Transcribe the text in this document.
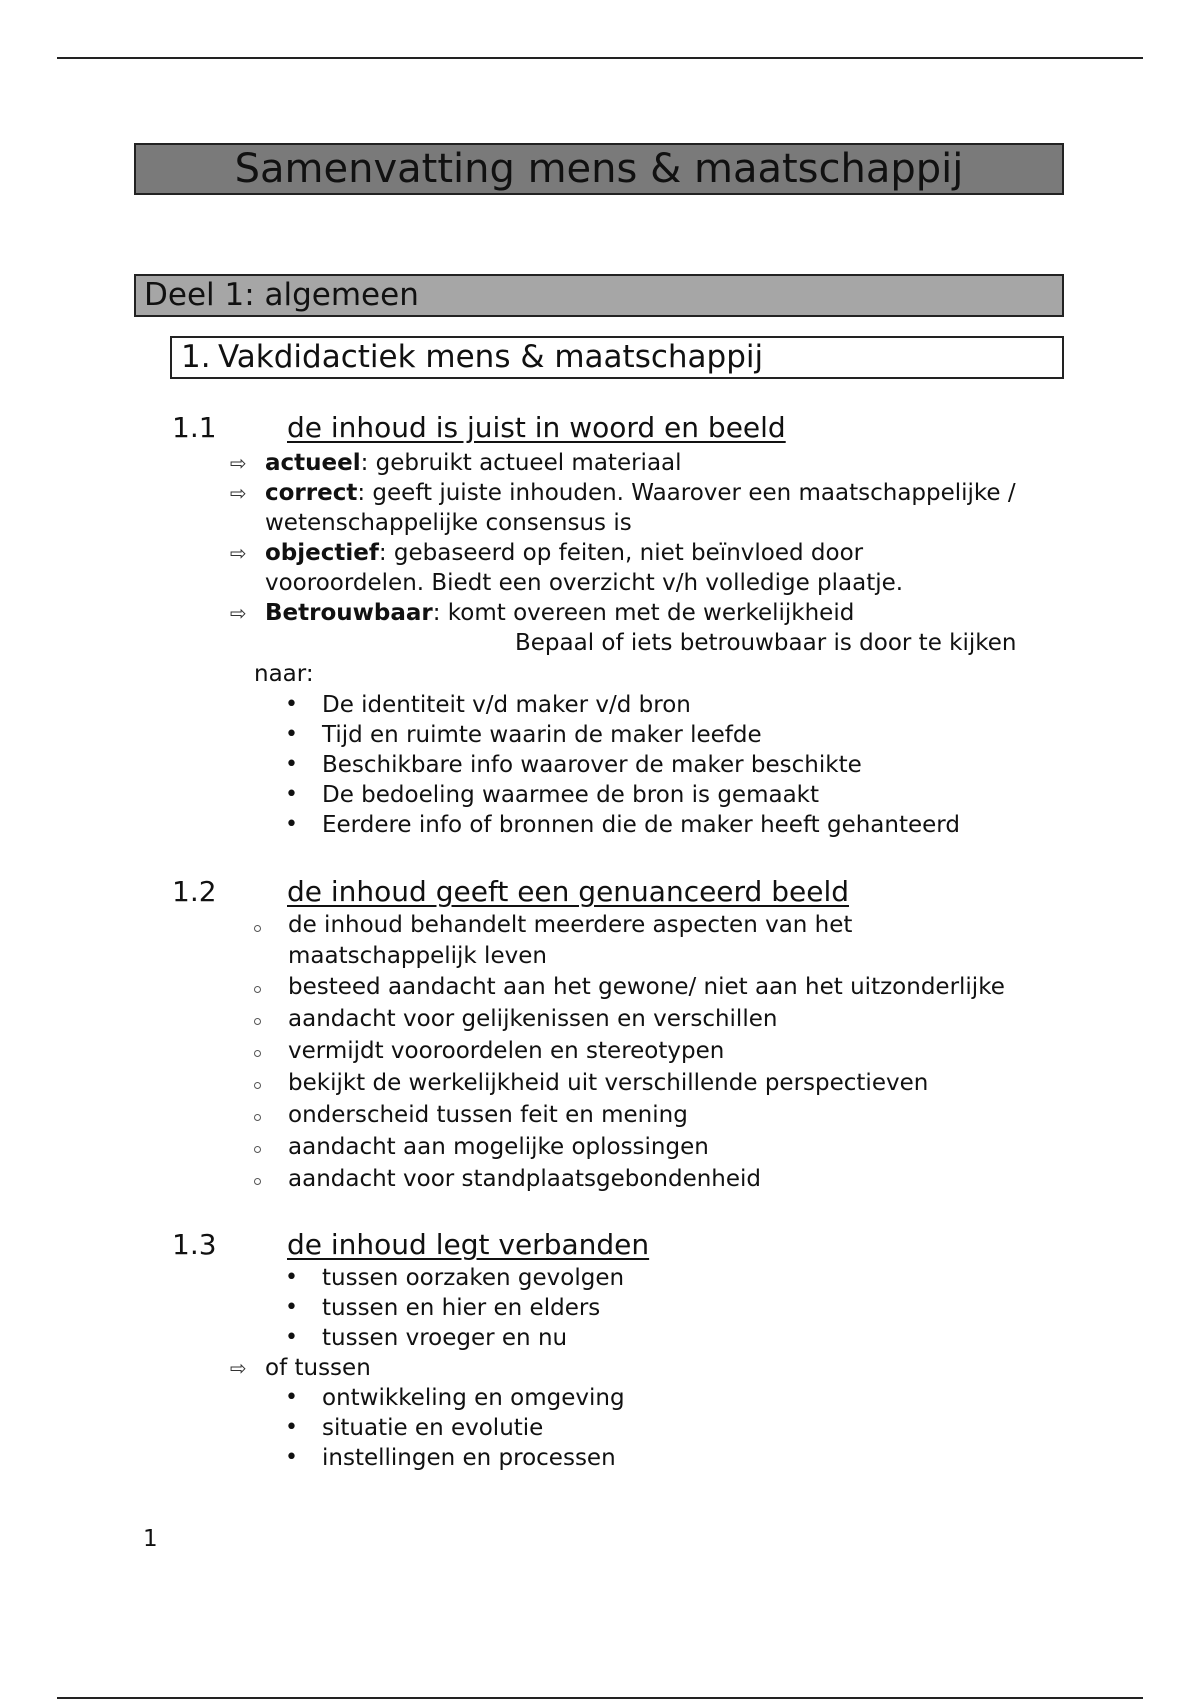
Samenvatting mens & maatschappij
Deel 1: algemeen
1. Vakdidactiek mens & maatschappij
1.1	de inhoud is juist in woord en beeld
⇨ actueel: gebruikt actueel materiaal
⇨ correct: geeft juiste inhouden. Waarover een maatschappelijke /
wetenschappelijke consensus is
⇨ objectief: gebaseerd op feiten, niet beïnvloed door
vooroordelen. Biedt een overzicht v/h volledige plaatje.
⇨ Betrouwbaar: komt overeen met de werkelijkheid
Bepaal of iets betrouwbaar is door te kijken
naar:
• De identiteit v/d maker v/d bron
• Tijd en ruimte waarin de maker leefde
• Beschikbare info waarover de maker beschikte
• De bedoeling waarmee de bron is gemaakt
• Eerdere info of bronnen die de maker heeft gehanteerd
1.2	de inhoud geeft een genuanceerd beeld
de inhoud behandelt meerdere aspecten van het
maatschappelijk leven
besteed aandacht aan het gewone/ niet aan het uitzonderlijke
aandacht voor gelijkenissen en verschillen
vermijdt vooroordelen en stereotypen
bekijkt de werkelijkheid uit verschillende perspectieven
onderscheid tussen feit en mening
aandacht aan mogelijke oplossingen
aandacht voor standplaatsgebondenheid
1.3	de inhoud legt verbanden
• tussen oorzaken gevolgen
• tussen en hier en elders
• tussen vroeger en nu
⇨ of tussen
• ontwikkeling en omgeving
• situatie en evolutie
• instellingen en processen
1
